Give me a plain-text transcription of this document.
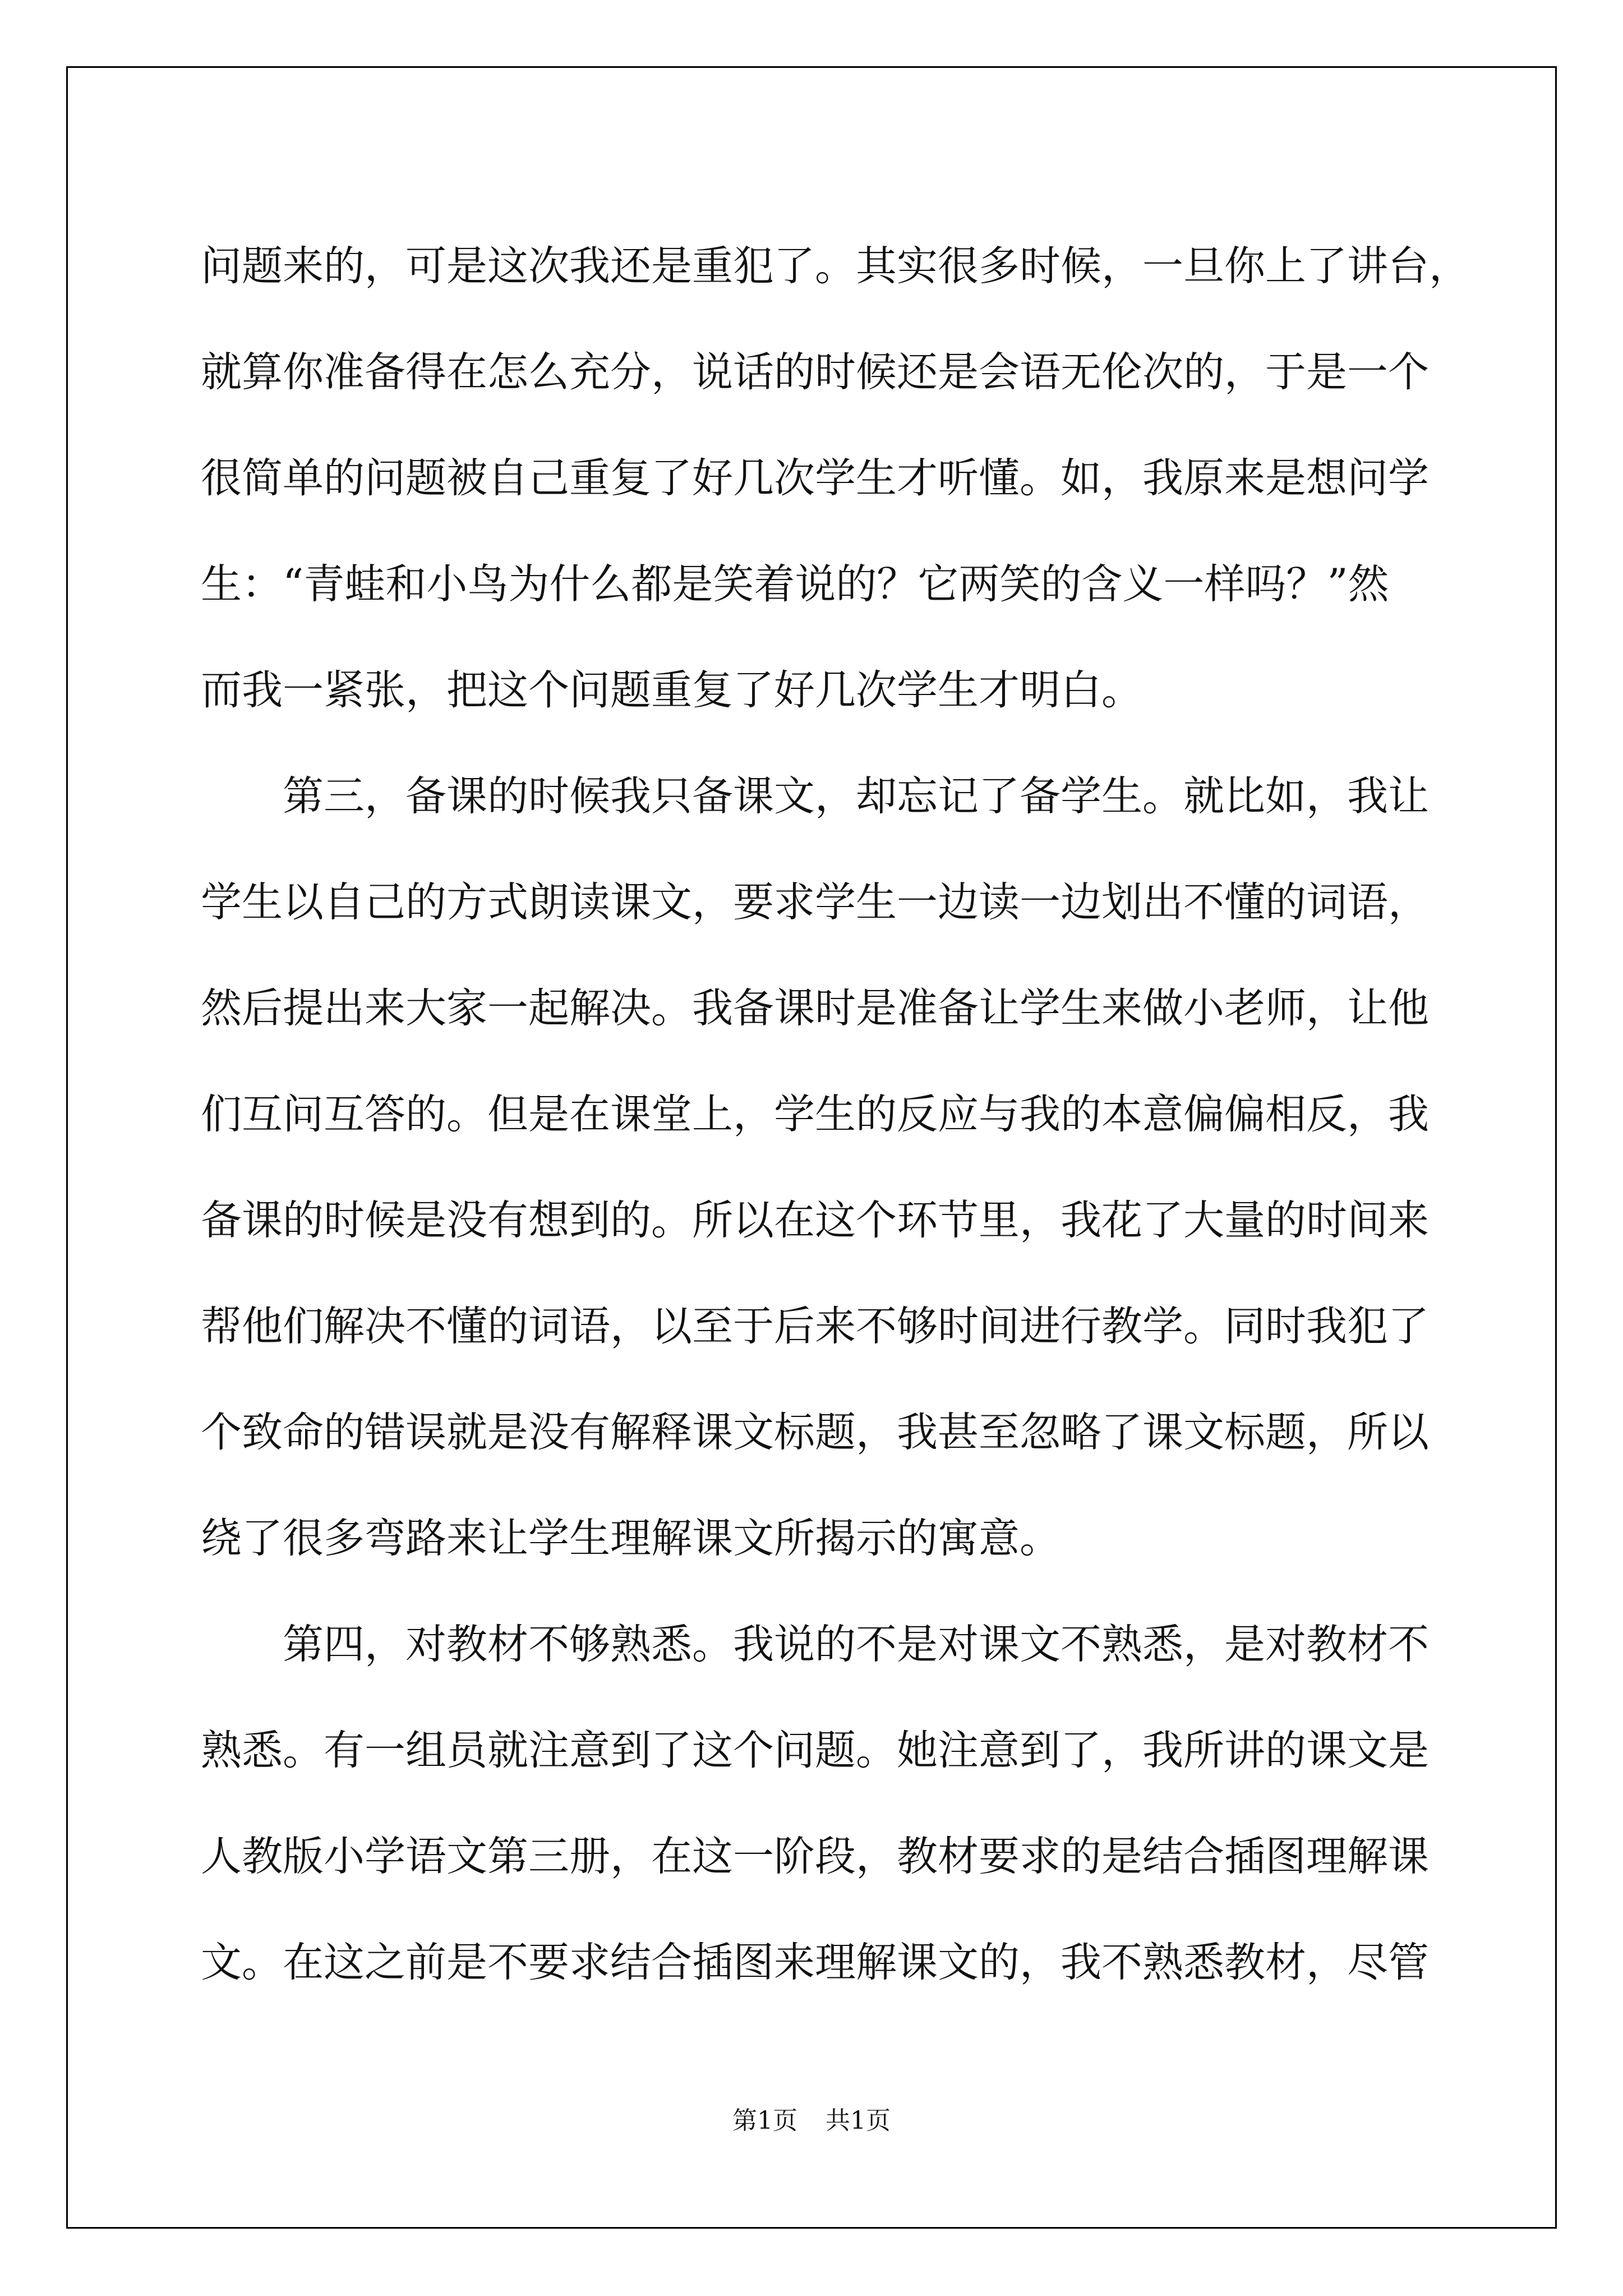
问题来的，可是这次我还是重犯了。其实很多时候，一旦你上了讲台，
就算你准备得在怎么充分，说话的时候还是会语无伦次的，于是一个
很简单的问题被自己重复了好几次学生才听懂。如，我原来是想问学
生：“青蛙和小鸟为什么都是笑着说的？它两笑的含义一样吗？”然
而我一紧张，把这个问题重复了好几次学生才明白。
　　第三，备课的时候我只备课文，却忘记了备学生。就比如，我让
学生以自己的方式朗读课文，要求学生一边读一边划出不懂的词语，
然后提出来大家一起解决。我备课时是准备让学生来做小老师，让他
们互问互答的。但是在课堂上，学生的反应与我的本意偏偏相反，我
备课的时候是没有想到的。所以在这个环节里，我花了大量的时间来
帮他们解决不懂的词语，以至于后来不够时间进行教学。同时我犯了
个致命的错误就是没有解释课文标题，我甚至忽略了课文标题，所以
绕了很多弯路来让学生理解课文所揭示的寓意。
　　第四，对教材不够熟悉。我说的不是对课文不熟悉，是对教材不
熟悉。有一组员就注意到了这个问题。她注意到了，我所讲的课文是
人教版小学语文第三册，在这一阶段，教材要求的是结合插图理解课
文。在这之前是不要求结合插图来理解课文的，我不熟悉教材，尽管
第1页 共1页
